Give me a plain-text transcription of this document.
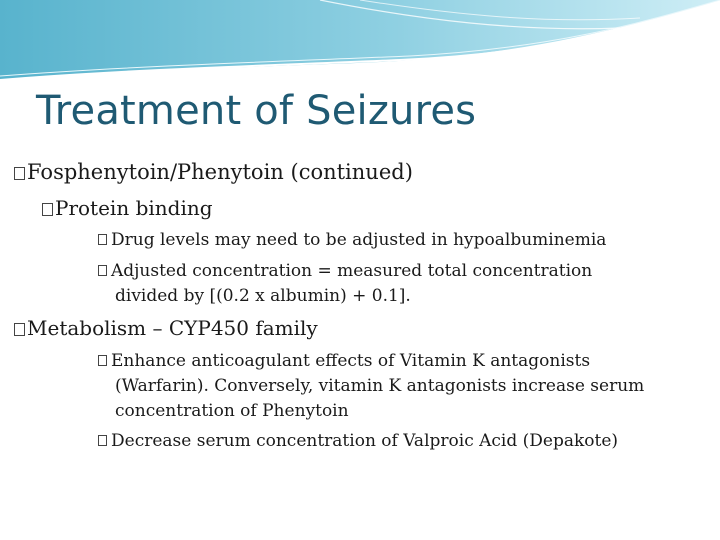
Treatment of Seizures
Fosphenytoin/Phenytoin (continued)
Protein binding
Drug levels may need to be adjusted in hypoalbuminemia
Adjusted concentration = measured total concentration
divided by [(0.2 x albumin) + 0.1].
Metabolism – CYP450 family
Enhance anticoagulant effects of Vitamin K antagonists
(Warfarin). Conversely, vitamin K antagonists increase serum
concentration of Phenytoin
Decrease serum concentration of Valproic Acid (Depakote)
